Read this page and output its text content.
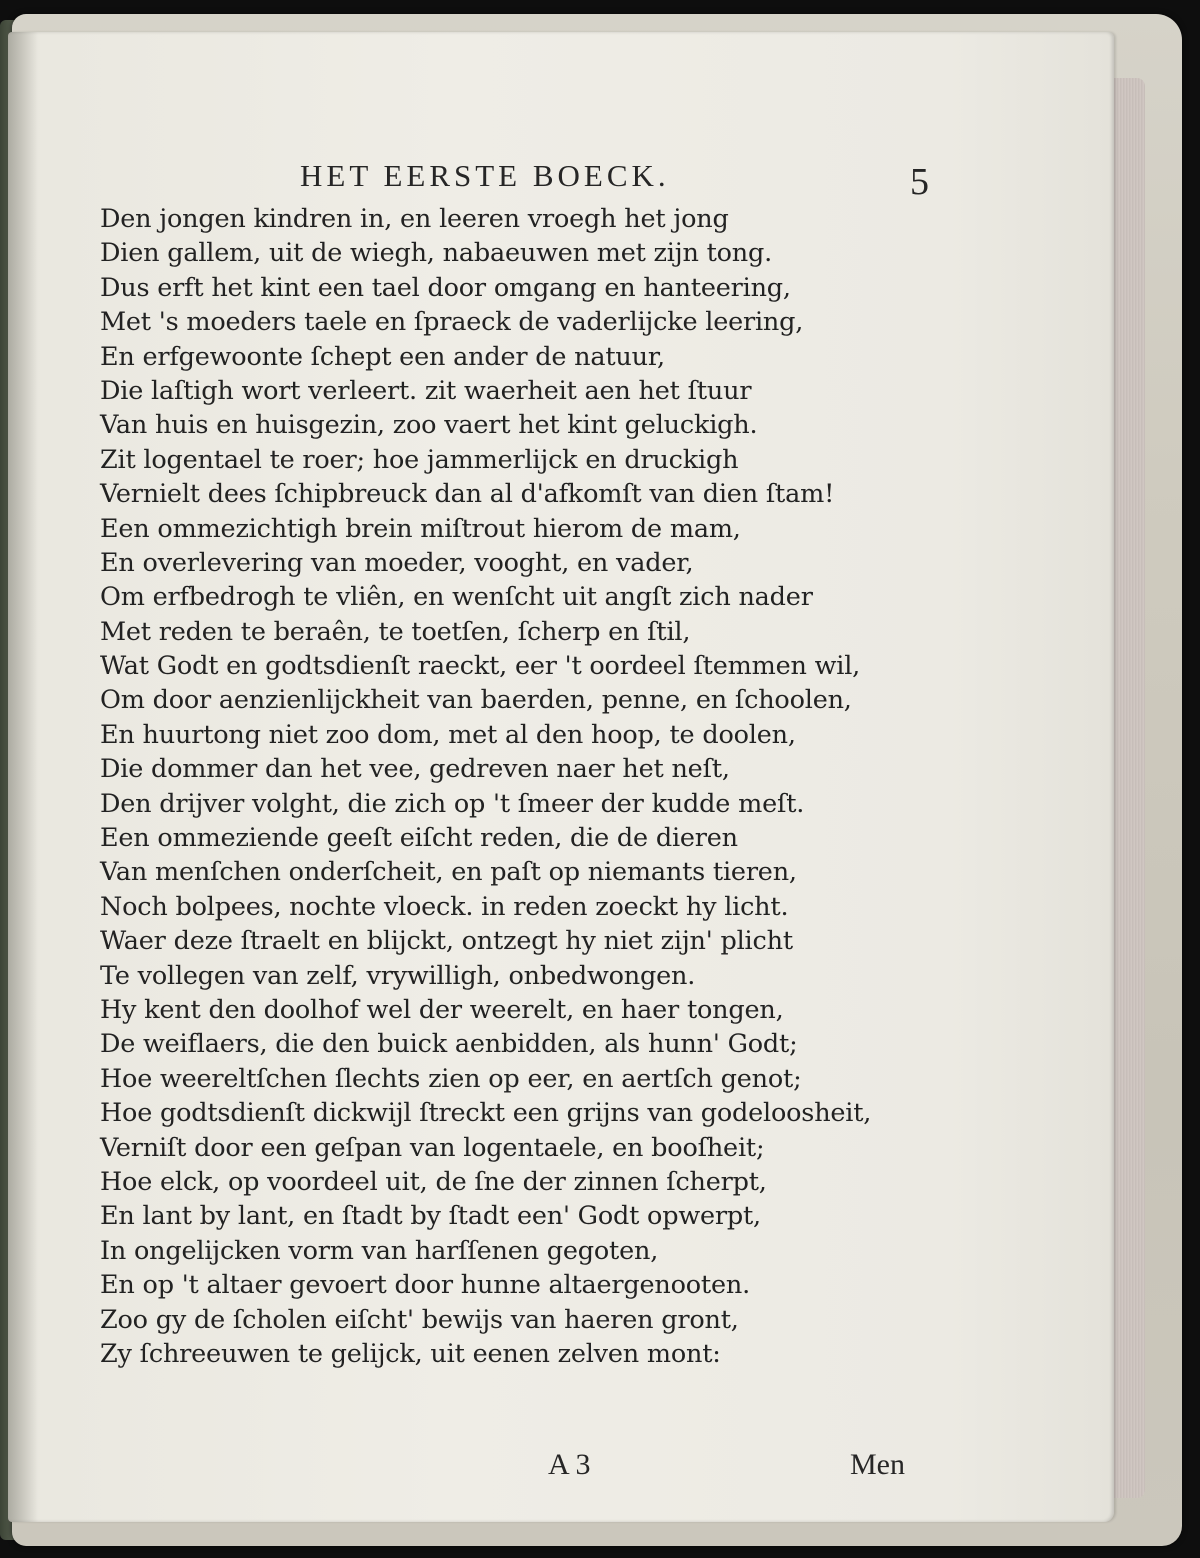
HET EERSTE BOECK.	5
Den jongen kindren in, en leeren vroegh het jong
Dien gallem, uit de wiegh, nabaeuwen met zijn tong.
Dus erft het kint een tael door omgang en hanteering,
Met 's moeders taele en ſpraeck de vaderlijcke leering,
En erfgewoonte ſchept een ander de natuur,
Die laſtigh wort verleert. zit waerheit aen het ſtuur
Van huis en huisgezin, zoo vaert het kint geluckigh.
Zit logentael te roer; hoe jammerlijck en druckigh
Vernielt dees ſchipbreuck dan al d'afkomſt van dien ſtam!
Een ommezichtigh brein miſtrout hierom de mam,
En overlevering van moeder, vooght, en vader,
Om erfbedrogh te vliên, en wenſcht uit angſt zich nader
Met reden te beraên, te toetſen, ſcherp en ſtil,
Wat Godt en godtsdienſt raeckt, eer 't oordeel ſtemmen wil,
Om door aenzienlijckheit van baerden, penne, en ſchoolen,
En huurtong niet zoo dom, met al den hoop, te doolen,
Die dommer dan het vee, gedreven naer het neſt,
Den drijver volght, die zich op 't ſmeer der kudde meſt.
Een ommeziende geeſt eiſcht reden, die de dieren
Van menſchen onderſcheit, en paſt op niemants tieren,
Noch bolpees, nochte vloeck. in reden zoeckt hy licht.
Waer deze ſtraelt en blijckt, ontzegt hy niet zijn' plicht
Te vollegen van zelf, vrywilligh, onbedwongen.
Hy kent den doolhof wel der weerelt, en haer tongen,
De weiflaers, die den buick aenbidden, als hunn' Godt;
Hoe weereltſchen ſlechts zien op eer, en aertſch genot;
Hoe godtsdienſt dickwijl ſtreckt een grijns van godeloosheit,
Verniſt door een geſpan van logentaele, en booſheit;
Hoe elck, op voordeel uit, de ſne der zinnen ſcherpt,
En lant by lant, en ſtadt by ſtadt een' Godt opwerpt,
In ongelijcken vorm van harſſenen gegoten,
En op 't altaer gevoert door hunne altaergenooten.
Zoo gy de ſcholen eiſcht' bewijs van haeren gront,
Zy ſchreeuwen te gelijck, uit eenen zelven mont:
A 3	Men
